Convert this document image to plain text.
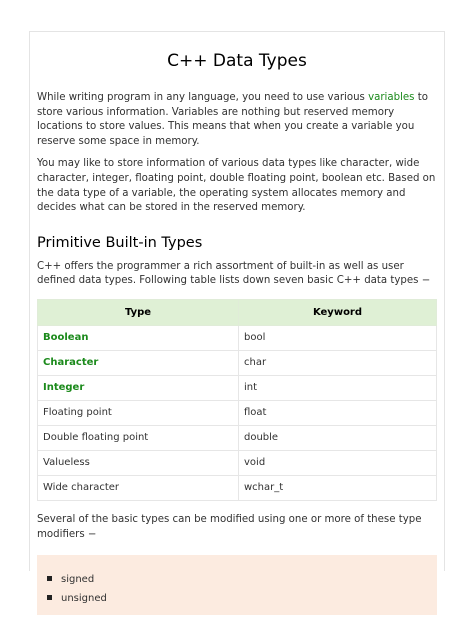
C++ Data Types

While writing program in any language, you need to use various variables to store various information. Variables are nothing but reserved memory locations to store values. This means that when you create a variable you reserve some space in memory.

You may like to store information of various data types like character, wide character, integer, floating point, double floating point, boolean etc. Based on the data type of a variable, the operating system allocates memory and decides what can be stored in the reserved memory.

Primitive Built-in Types

C++ offers the programmer a rich assortment of built-in as well as user defined data types. Following table lists down seven basic C++ data types −

Type	Keyword
Boolean	bool
Character	char
Integer	int
Floating point	float
Double floating point	double
Valueless	void
Wide character	wchar_t

Several of the basic types can be modified using one or more of these type modifiers −

signed
unsigned
